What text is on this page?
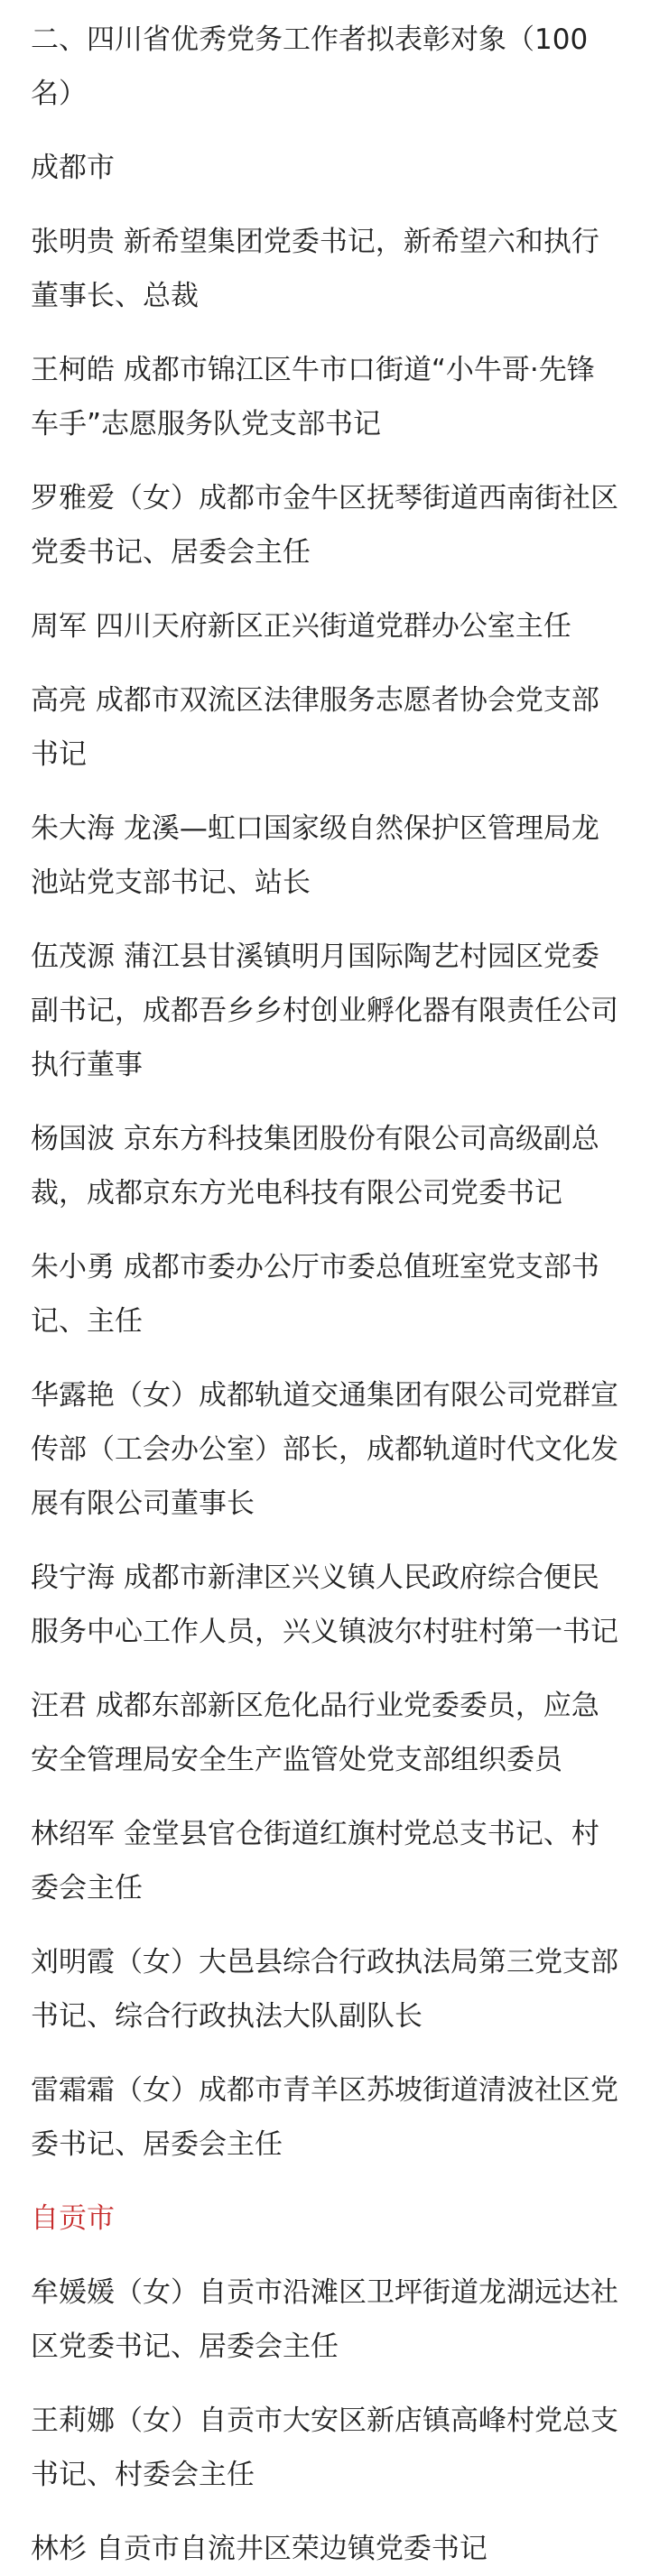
二、四川省优秀党务工作者拟表彰对象（100名）
成都市
张明贵 新希望集团党委书记，新希望六和执行董事长、总裁
王柯皓 成都市锦江区牛市口街道“小牛哥·先锋车手”志愿服务队党支部书记
罗雅爱（女）成都市金牛区抚琴街道西南街社区党委书记、居委会主任
周军 四川天府新区正兴街道党群办公室主任
高亮 成都市双流区法律服务志愿者协会党支部书记
朱大海 龙溪—虹口国家级自然保护区管理局龙池站党支部书记、站长
伍茂源 蒲江县甘溪镇明月国际陶艺村园区党委副书记，成都吾乡乡村创业孵化器有限责任公司执行董事
杨国波 京东方科技集团股份有限公司高级副总裁，成都京东方光电科技有限公司党委书记
朱小勇 成都市委办公厅市委总值班室党支部书记、主任
华露艳（女）成都轨道交通集团有限公司党群宣传部（工会办公室）部长，成都轨道时代文化发展有限公司董事长
段宁海 成都市新津区兴义镇人民政府综合便民服务中心工作人员，兴义镇波尔村驻村第一书记
汪君 成都东部新区危化品行业党委委员，应急安全管理局安全生产监管处党支部组织委员
林绍军 金堂县官仓街道红旗村党总支书记、村委会主任
刘明霞（女）大邑县综合行政执法局第三党支部书记、综合行政执法大队副队长
雷霜霜（女）成都市青羊区苏坡街道清波社区党委书记、居委会主任
自贡市
牟媛媛（女）自贡市沿滩区卫坪街道龙湖远达社区党委书记、居委会主任
王莉娜（女）自贡市大安区新店镇高峰村党总支书记、村委会主任
林杉 自贡市自流井区荣边镇党委书记
